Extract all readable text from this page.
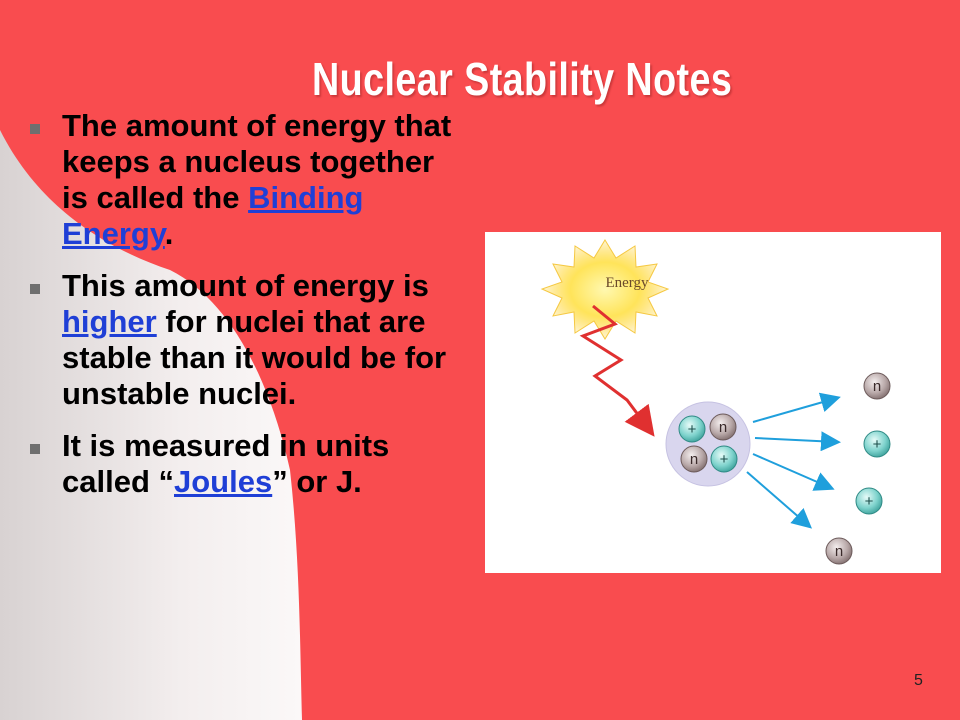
Nuclear Stability Notes
The amount of energy that keeps a nucleus together is called the Binding Energy.
This amount of energy is higher for nuclei that are stable than it would be for unstable nuclei.
It is measured in units called “Joules” or J.
Energy
+ n
n +
n
+
+
n
5
